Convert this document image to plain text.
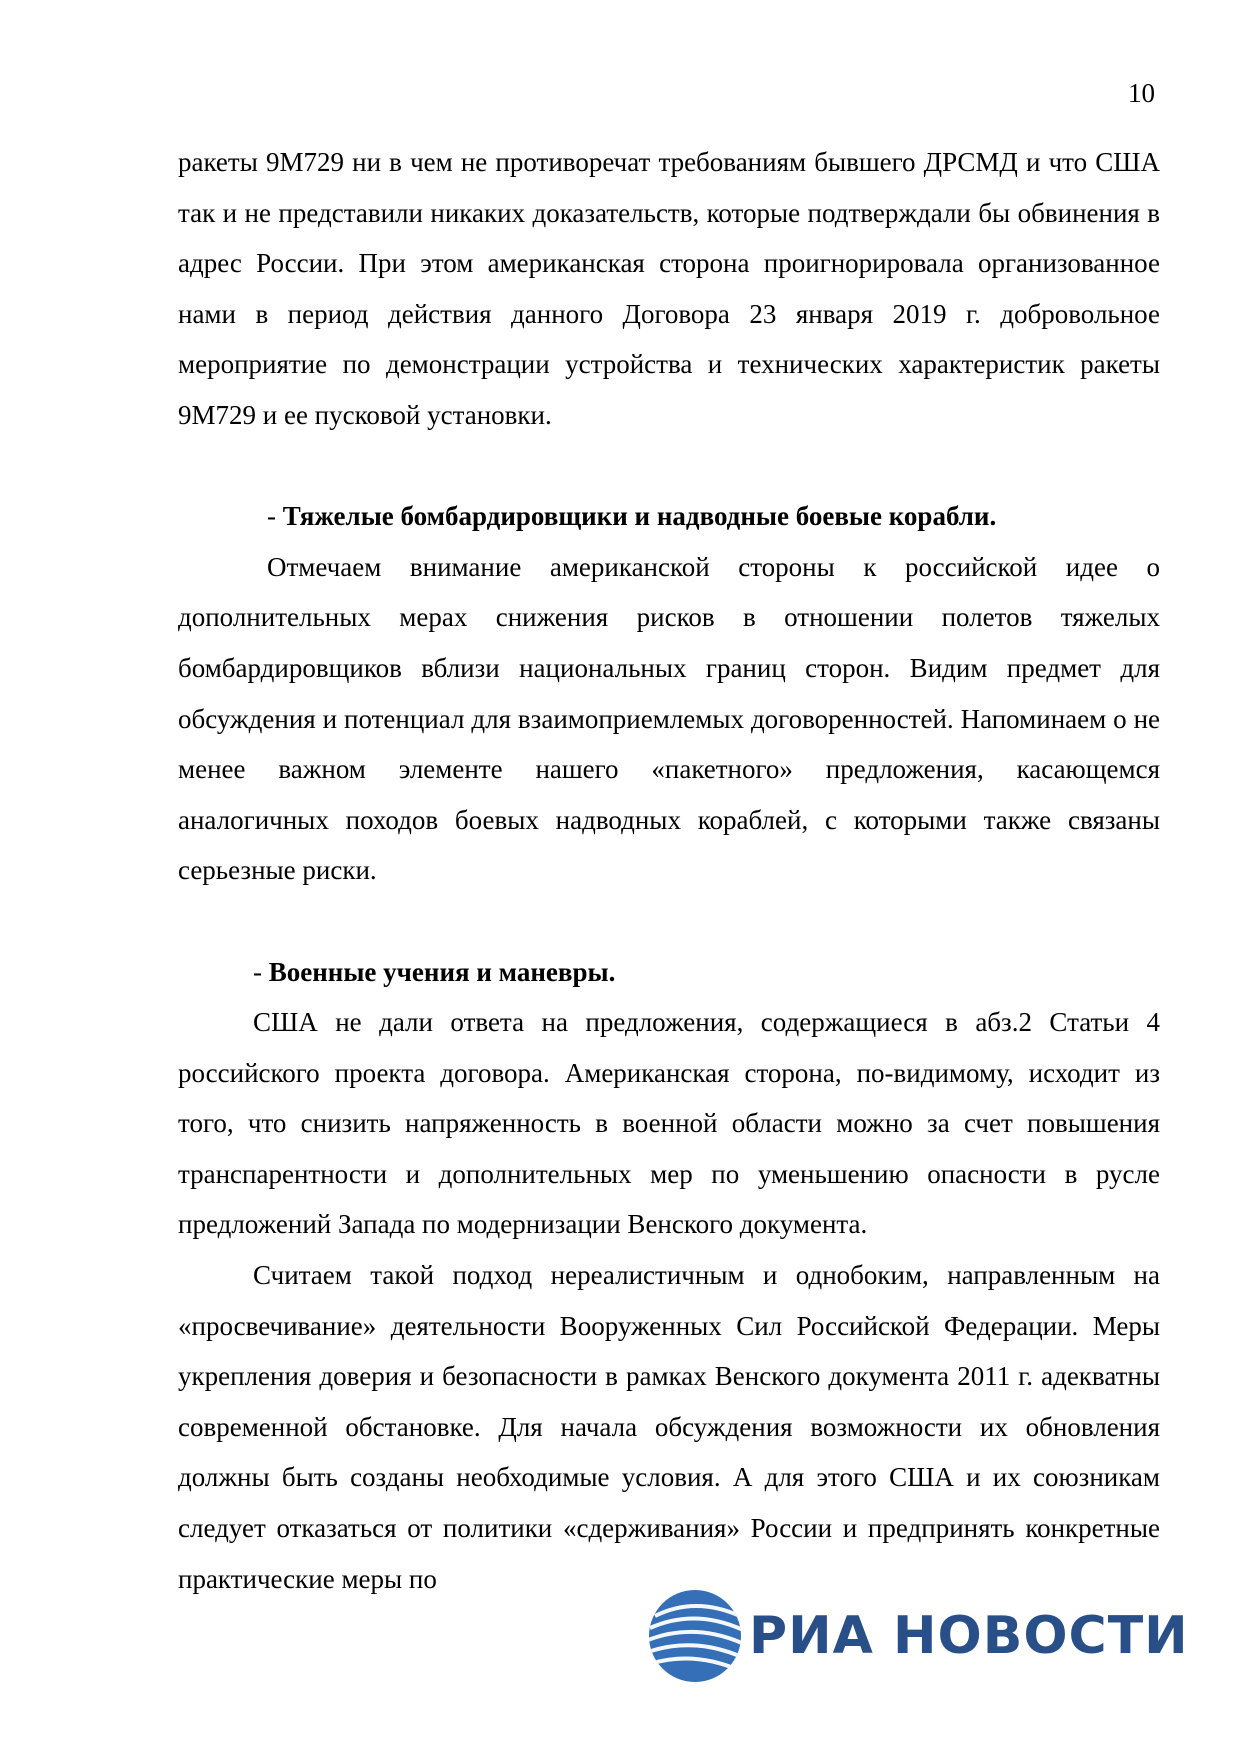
10

ракеты 9М729 ни в чем не противоречат требованиям бывшего ДРСМД и что США так и не представили никаких доказательств, которые подтверждали бы обвинения в адрес России. При этом американская сторона проигнорировала организованное нами в период действия данного Договора 23 января 2019 г. добровольное мероприятие по демонстрации устройства и технических характеристик ракеты 9М729 и ее пусковой установки.

- Тяжелые бомбардировщики и надводные боевые корабли.

Отмечаем внимание американской стороны к российской идее о дополнительных мерах снижения рисков в отношении полетов тяжелых бомбардировщиков вблизи национальных границ сторон. Видим предмет для обсуждения и потенциал для взаимоприемлемых договоренностей. Напоминаем о не менее важном элементе нашего «пакетного» предложения, касающемся аналогичных походов боевых надводных кораблей, с которыми также связаны серьезные риски.

- Военные учения и маневры.

США не дали ответа на предложения, содержащиеся в абз.2 Статьи 4 российского проекта договора. Американская сторона, по-видимому, исходит из того, что снизить напряженность в военной области можно за счет повышения транспарентности и дополнительных мер по уменьшению опасности в русле предложений Запада по модернизации Венского документа.

Считаем такой подход нереалистичным и однобоким, направленным на «просвечивание» деятельности Вооруженных Сил Российской Федерации. Меры укрепления доверия и безопасности в рамках Венского документа 2011 г. адекватны современной обстановке. Для начала обсуждения возможности их обновления должны быть созданы необходимые условия. А для этого США и их союзникам следует отказаться от политики «сдерживания» России и предпринять конкретные практические меры по

РИА НОВОСТИ
